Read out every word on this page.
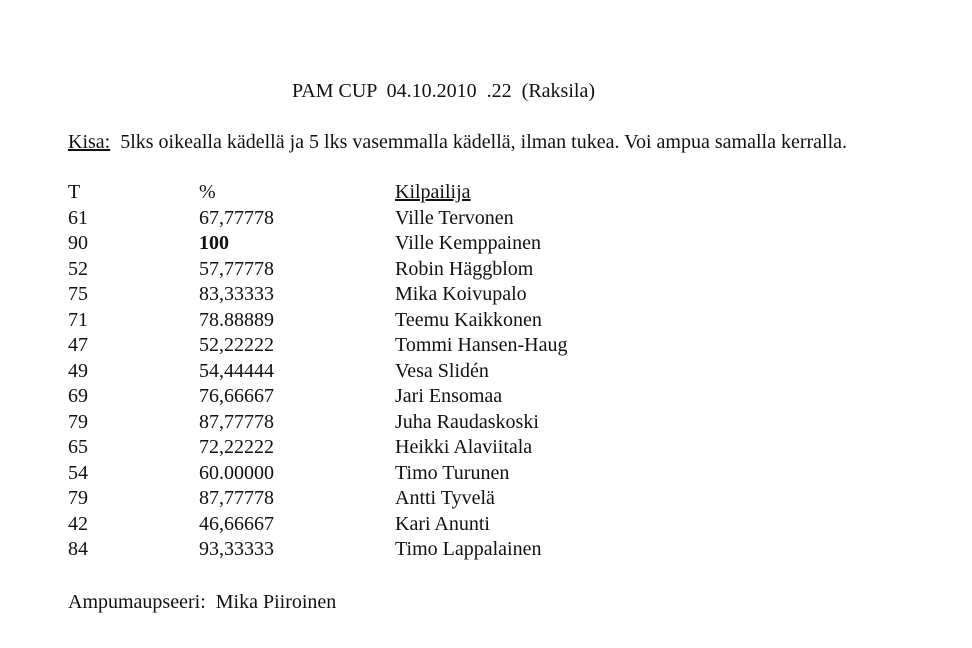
PAM CUP  04.10.2010  .22  (Raksila)
Kisa:  5lks oikealla kädellä ja 5 lks vasemmalla kädellä, ilman tukea. Voi ampua samalla kerralla.
T	%	Kilpailija
61	67,77778	Ville Tervonen
90	100	Ville Kemppainen
52	57,77778	Robin Häggblom
75	83,33333	Mika Koivupalo
71	78.88889	Teemu Kaikkonen
47	52,22222	Tommi Hansen-Haug
49	54,44444	Vesa Slidén
69	76,66667	Jari Ensomaa
79	87,77778	Juha Raudaskoski
65	72,22222	Heikki Alaviitala
54	60.00000	Timo Turunen
79	87,77778	Antti Tyvelä
42	46,66667	Kari Anunti
84	93,33333	Timo Lappalainen
Ampumaupseeri:  Mika Piiroinen
